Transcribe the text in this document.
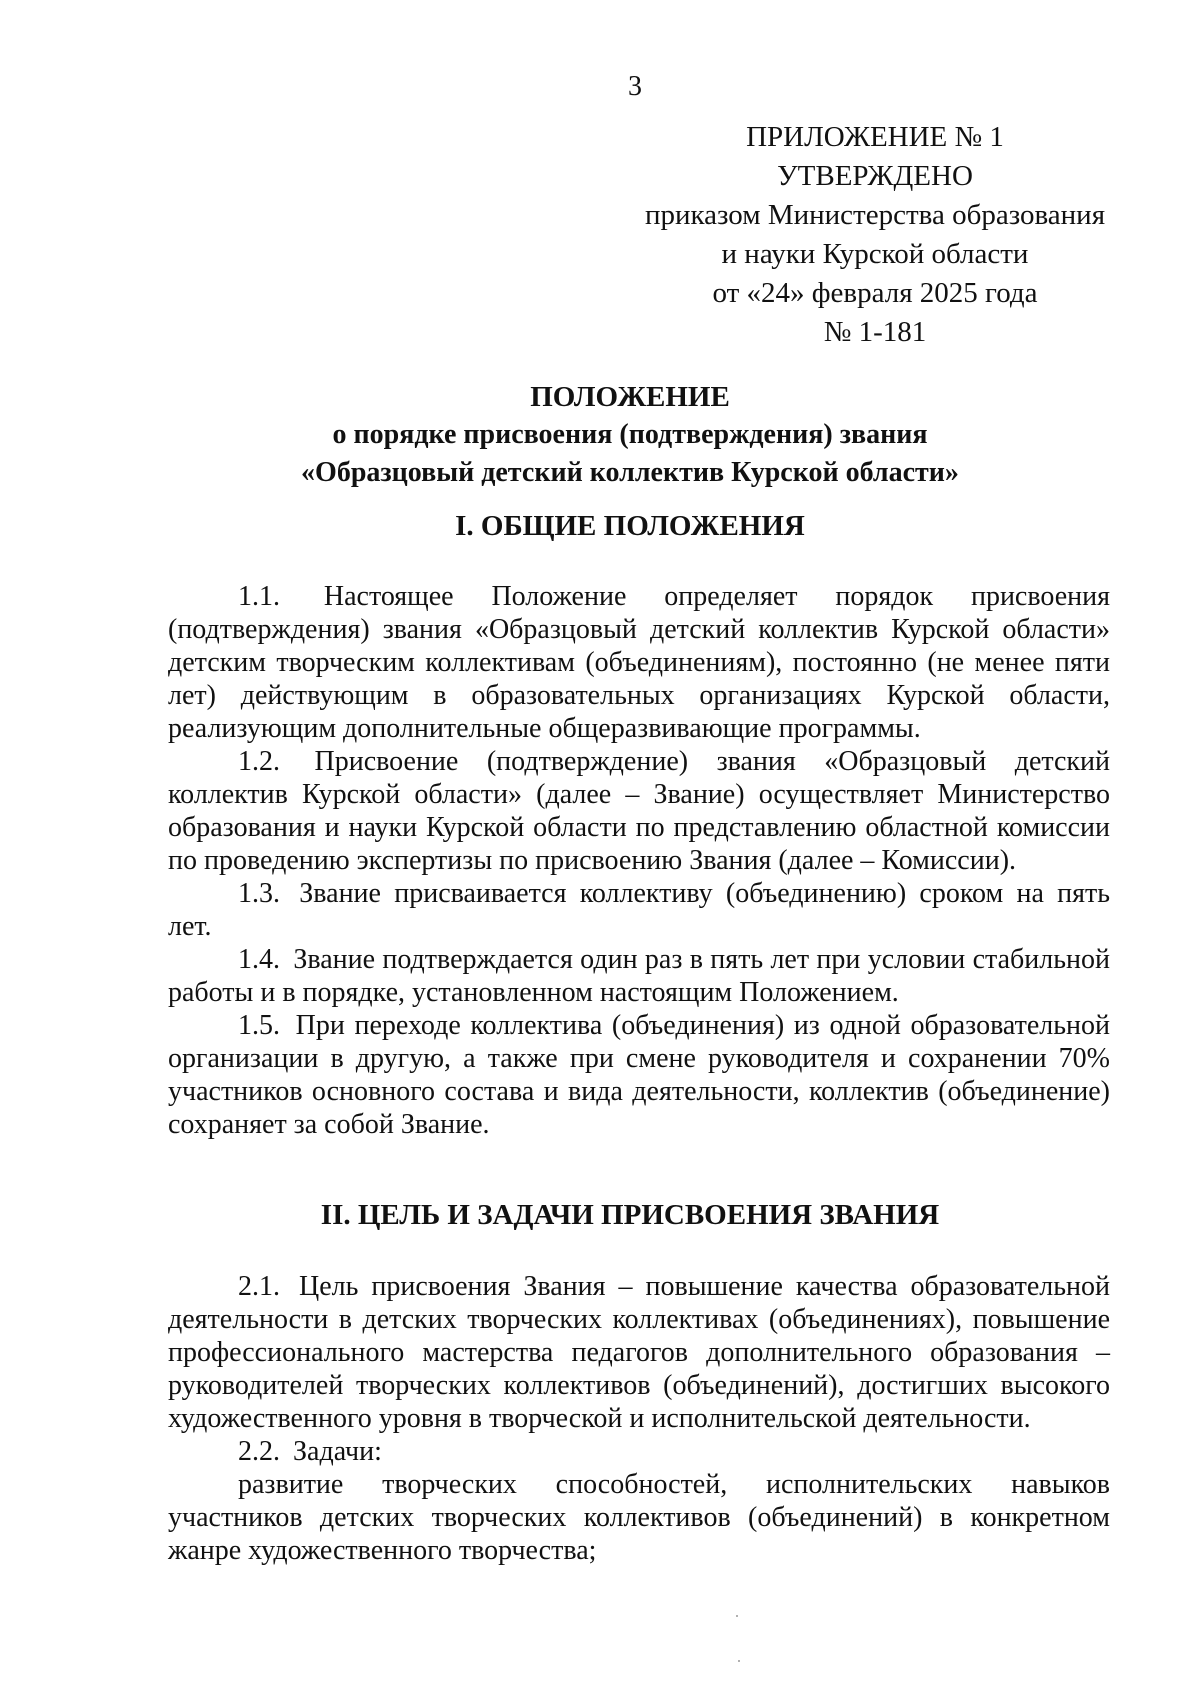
3
ПРИЛОЖЕНИЕ № 1
УТВЕРЖДЕНО
приказом Министерства образования
и науки Курской области
от «24» февраля 2025 года
№ 1-181
ПОЛОЖЕНИЕ
о порядке присвоения (подтверждения) звания
«Образцовый детский коллектив Курской области»
I. ОБЩИЕ ПОЛОЖЕНИЯ

1.1. Настоящее Положение определяет порядок присвоения (подтверждения) звания «Образцовый детский коллектив Курской области» детским творческим коллективам (объединениям), постоянно (не менее пяти лет) действующим в образовательных организациях Курской области, реализующим дополнительные общеразвивающие программы.

1.2. Присвоение (подтверждение) звания «Образцовый детский коллектив Курской области» (далее – Звание) осуществляет Министерство образования и науки Курской области по представлению областной комиссии по проведению экспертизы по присвоению Звания (далее – Комиссии).

1.3. Звание присваивается коллективу (объединению) сроком на пять лет.

1.4. Звание подтверждается один раз в пять лет при условии стабильной работы и в порядке, установленном настоящим Положением.

1.5. При переходе коллектива (объединения) из одной образовательной организации в другую, а также при смене руководителя и сохранении 70% участников основного состава и вида деятельности, коллектив (объединение) сохраняет за собой Звание.

II. ЦЕЛЬ И ЗАДАЧИ ПРИСВОЕНИЯ ЗВАНИЯ

2.1. Цель присвоения Звания – повышение качества образовательной деятельности в детских творческих коллективах (объединениях), повышение профессионального мастерства педагогов дополнительного образования – руководителей творческих коллективов (объединений), достигших высокого художественного уровня в творческой и исполнительской деятельности.

2.2. Задачи:

развитие творческих способностей, исполнительских навыков участников детских творческих коллективов (объединений) в конкретном жанре художественного творчества;
